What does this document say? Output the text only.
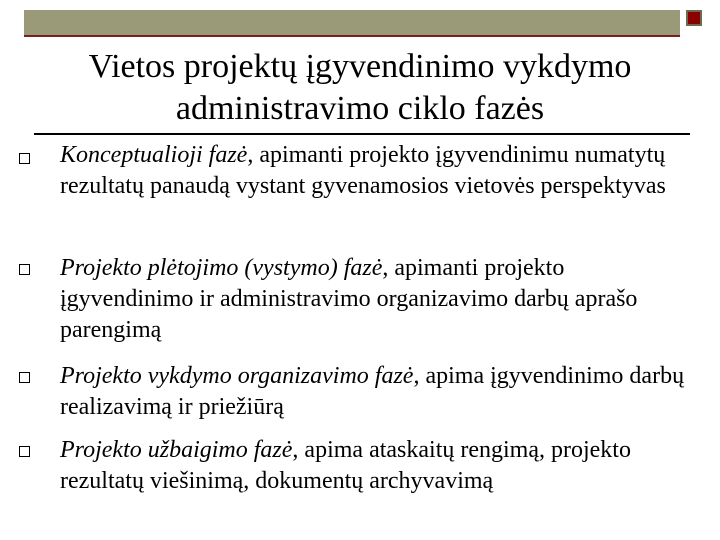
Vietos projektų įgyvendinimo vykdymo
administravimo ciklo fazės
Konceptualioji fazė, apimanti projekto įgyvendinimu numatytų rezultatų panaudą vystant gyvenamosios vietovės perspektyvas
Projekto plėtojimo (vystymo) fazė, apimanti projekto įgyvendinimo ir administravimo organizavimo darbų aprašo parengimą
Projekto vykdymo organizavimo fazė, apima įgyvendinimo darbų realizavimą ir priežiūrą
Projekto užbaigimo fazė, apima ataskaitų rengimą, projekto rezultatų viešinimą, dokumentų archyvavimą
